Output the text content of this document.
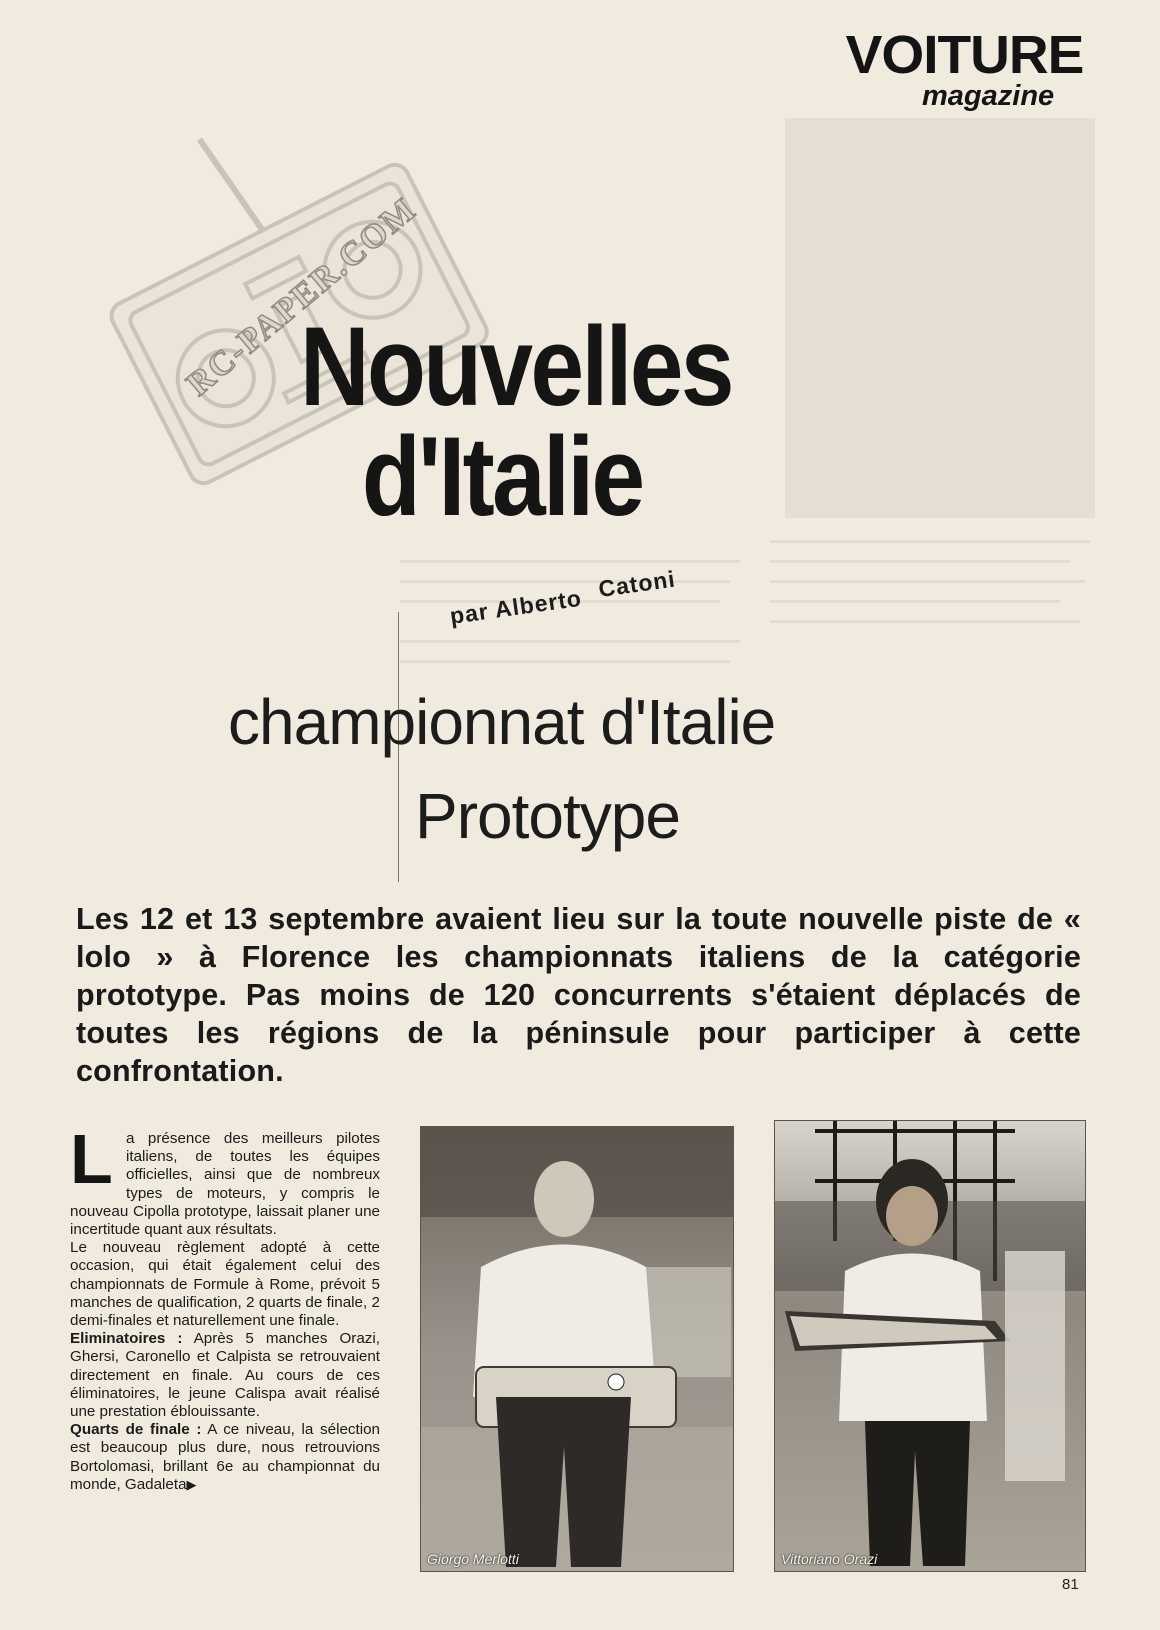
RC-PAPER.COM
VOITURE
magazine
Nouvelles
d'Italie
par AlbertoCatoni
championnat d'Italie
Prototype
Les 12 et 13 septembre avaient lieu sur la toute nouvelle piste de « lolo » à Florence les championnats italiens de la catégorie prototype. Pas moins de 120 concurrents s'étaient déplacés de toutes les régions de la péninsule pour participer à cette confrontation.
L a présence des meilleurs pilotes italiens, de toutes les équipes officielles, ainsi que de nombreux types de moteurs, y compris le nouveau Cipolla prototype, laissait planer une incertitude quant aux résultats.

Le nouveau règlement adopté à cette occasion, qui était également celui des championnats de Formule à Rome, prévoit 5 manches de qualification, 2 quarts de finale, 2 demi-finales et naturellement une finale.

Eliminatoires : Après 5 manches Orazi, Ghersi, Caronello et Calpista se retrouvaient directement en finale. Au cours de ces éliminatoires, le jeune Calispa avait réalisé une prestation éblouissante.

Quarts de finale : A ce niveau, la sélection est beaucoup plus dure, nous retrouvions Bortolomasi, brillant 6e au championnat du monde, Gadaleta▶

Giorgo Merlotti	Vittoriano Orazi
81
